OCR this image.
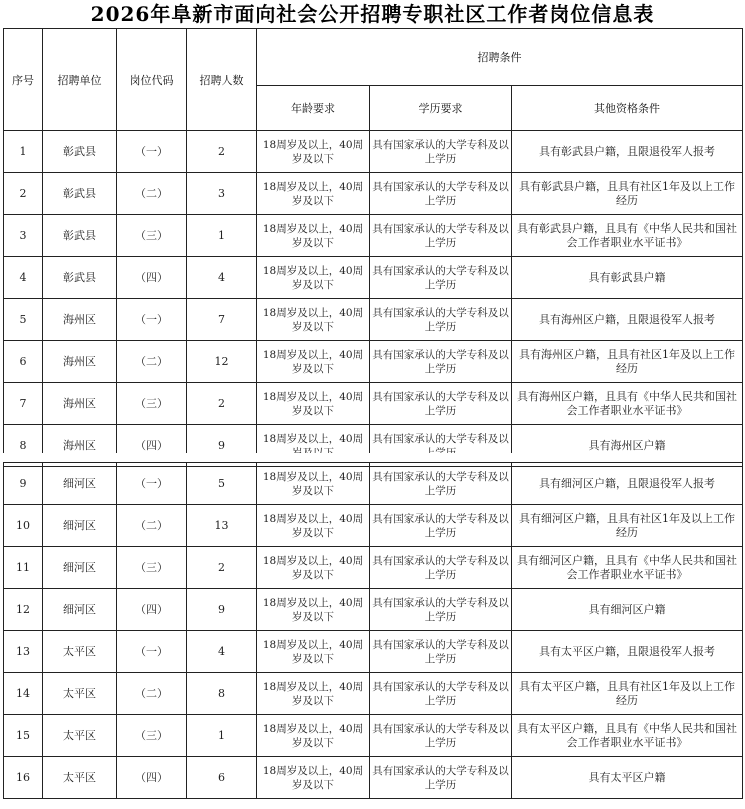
2026年阜新市面向社会公开招聘专职社区工作者岗位信息表
序号	招聘单位	岗位代码	招聘人数	招聘条件		
				年龄要求	学历要求	其他资格条件
1	彰武县	（一）	2	18周岁及以上，40周岁及以下	具有国家承认的大学专科及以上学历	具有彰武县户籍，且限退役军人报考
2	彰武县	（二）	3	18周岁及以上，40周岁及以下	具有国家承认的大学专科及以上学历	具有彰武县户籍，且具有社区1年及以上工作经历
3	彰武县	（三）	1	18周岁及以上，40周岁及以下	具有国家承认的大学专科及以上学历	具有彰武县户籍，且具有《中华人民共和国社会工作者职业水平证书》
4	彰武县	（四）	4	18周岁及以上，40周岁及以下	具有国家承认的大学专科及以上学历	具有彰武县户籍
5	海州区	（一）	7	18周岁及以上，40周岁及以下	具有国家承认的大学专科及以上学历	具有海州区户籍，且限退役军人报考
6	海州区	（二）	12	18周岁及以上，40周岁及以下	具有国家承认的大学专科及以上学历	具有海州区户籍，且具有社区1年及以上工作经历
7	海州区	（三）	2	18周岁及以上，40周岁及以下	具有国家承认的大学专科及以上学历	具有海州区户籍，且具有《中华人民共和国社会工作者职业水平证书》
8	海州区	（四）	9	18周岁及以上，40周	具有国家承认的大学专科及以	具有海州区户籍
9	细河区	（一）	5	18周岁及以上，40周岁及以下	具有国家承认的大学专科及以上学历	具有细河区户籍，且限退役军人报考
10	细河区	（二）	13	18周岁及以上，40周岁及以下	具有国家承认的大学专科及以上学历	具有细河区户籍，且具有社区1年及以上工作经历
11	细河区	（三）	2	18周岁及以上，40周岁及以下	具有国家承认的大学专科及以上学历	具有细河区户籍，且具有《中华人民共和国社会工作者职业水平证书》
12	细河区	（四）	9	18周岁及以上，40周岁及以下	具有国家承认的大学专科及以上学历	具有细河区户籍
13	太平区	（一）	4	18周岁及以上，40周岁及以下	具有国家承认的大学专科及以上学历	具有太平区户籍，且限退役军人报考
14	太平区	（二）	8	18周岁及以上，40周岁及以下	具有国家承认的大学专科及以上学历	具有太平区户籍，且具有社区1年及以上工作经历
15	太平区	（三）	1	18周岁及以上，40周岁及以下	具有国家承认的大学专科及以上学历	具有太平区户籍，且具有《中华人民共和国社会工作者职业水平证书》
16	太平区	（四）	6	18周岁及以上，40周岁及以下	具有国家承认的大学专科及以上学历	具有太平区户籍
